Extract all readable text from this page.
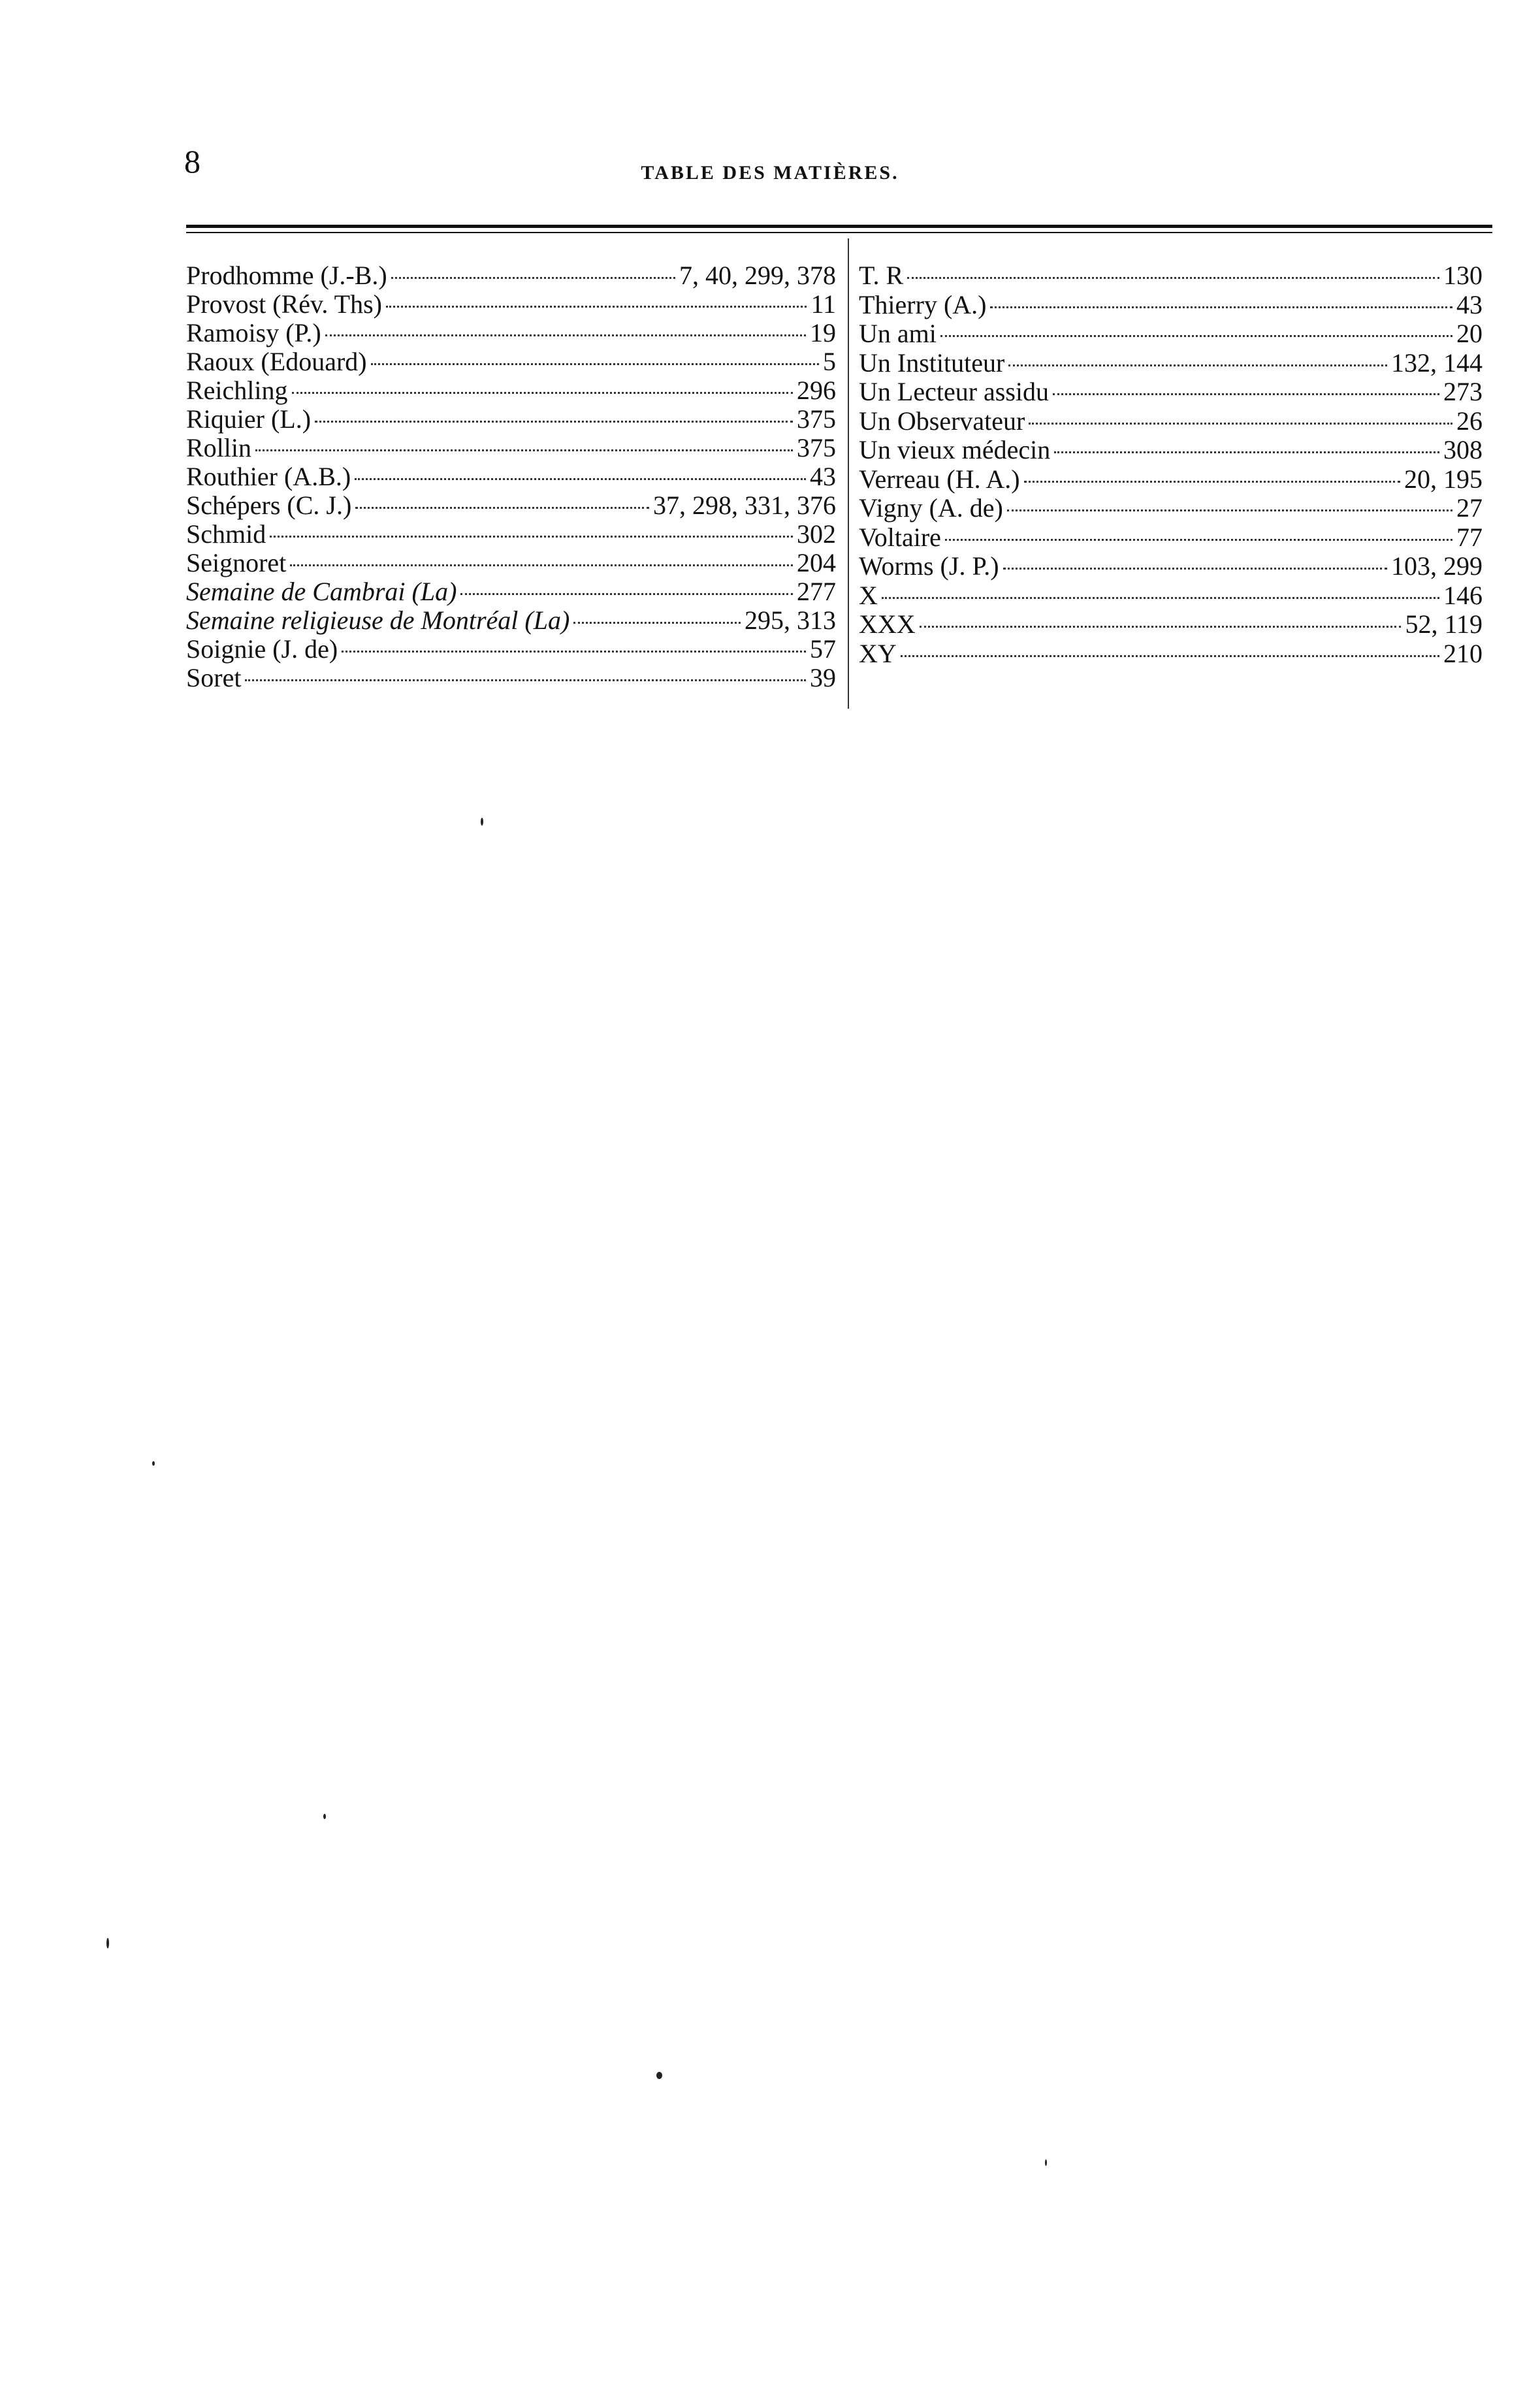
8	TABLE DES MATIÈRES.
Prodhomme (J.-B.)	7, 40, 299, 378
Provost (Rév. Ths)	11
Ramoisy (P.)	19
Raoux (Edouard)	5
Reichling	296
Riquier (L.)	375
Rollin	375
Routhier (A.B.)	43
Schépers (C. J.)	37, 298, 331, 376
Schmid	302
Seignoret	204
Semaine de Cambrai (La)	277
Semaine religieuse de Montréal (La)	295, 313
Soignie (J. de)	57
Soret	39
T. R	130
Thierry (A.)	43
Un ami	20
Un Instituteur	132, 144
Un Lecteur assidu	273
Un Observateur	26
Un vieux médecin	308
Verreau (H. A.)	20, 195
Vigny (A. de)	27
Voltaire	77
Worms (J. P.)	103, 299
X	146
XXX	52, 119
XY	210
